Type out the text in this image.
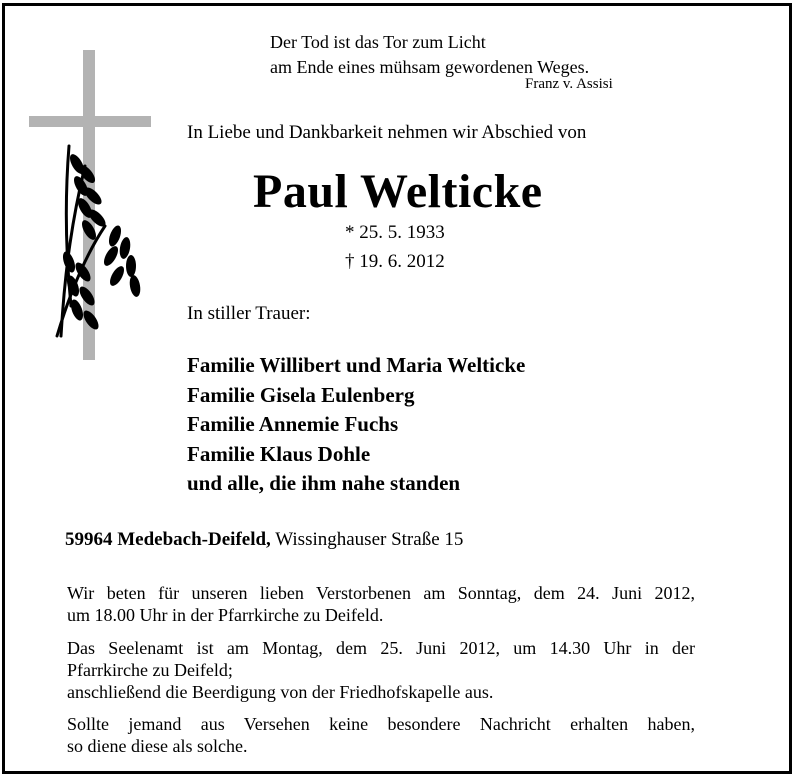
Der Tod ist das Tor zum Licht
am Ende eines mühsam gewordenen Weges.
Franz v. Assisi
In Liebe und Dankbarkeit nehmen wir Abschied von
Paul Welticke
* 25. 5. 1933
† 19. 6. 2012
In stiller Trauer:
Familie Willibert und Maria Welticke
Familie Gisela Eulenberg
Familie Annemie Fuchs
Familie Klaus Dohle
und alle, die ihm nahe standen
59964 Medebach-Deifeld, Wissinghauser Straße 15
Wir beten für unseren lieben Verstorbenen am Sonntag, dem 24. Juni 2012,
um 18.00 Uhr in der Pfarrkirche zu Deifeld.
Das Seelenamt ist am Montag, dem 25. Juni 2012, um 14.30 Uhr in der
Pfarrkirche zu Deifeld;
anschließend die Beerdigung von der Friedhofskapelle aus.
Sollte jemand aus Versehen keine besondere Nachricht erhalten haben,
so diene diese als solche.
